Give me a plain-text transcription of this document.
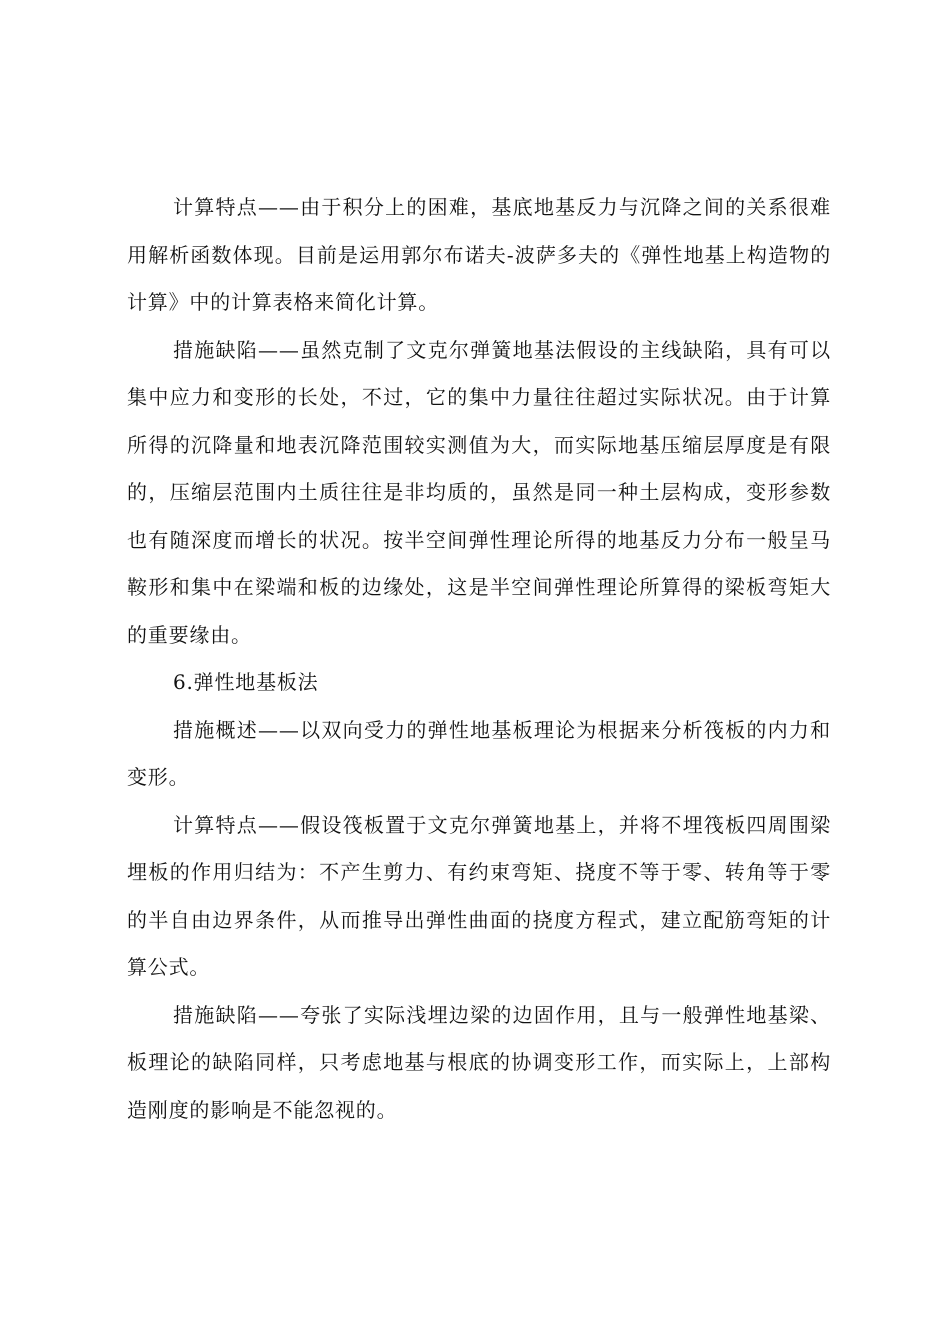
计算特点——由于积分上的困难，基底地基反力与沉降之间的关系很难用解析函数体现。目前是运用郭尔布诺夫-波萨多夫的《弹性地基上构造物的计算》中的计算表格来简化计算。

措施缺陷——虽然克制了文克尔弹簧地基法假设的主线缺陷，具有可以集中应力和变形的长处，不过，它的集中力量往往超过实际状况。由于计算所得的沉降量和地表沉降范围较实测值为大，而实际地基压缩层厚度是有限的，压缩层范围内土质往往是非均质的，虽然是同一种土层构成，变形参数也有随深度而增长的状况。按半空间弹性理论所得的地基反力分布一般呈马鞍形和集中在梁端和板的边缘处，这是半空间弹性理论所算得的梁板弯矩大的重要缘由。

6.弹性地基板法

措施概述——以双向受力的弹性地基板理论为根据来分析筏板的内力和变形。

计算特点——假设筏板置于文克尔弹簧地基上，并将不埋筏板四周围梁埋板的作用归结为：不产生剪力、有约束弯矩、挠度不等于零、转角等于零的半自由边界条件，从而推导出弹性曲面的挠度方程式，建立配筋弯矩的计算公式。

措施缺陷——夸张了实际浅埋边梁的边固作用，且与一般弹性地基梁、板理论的缺陷同样，只考虑地基与根底的协调变形工作，而实际上，上部构造刚度的影响是不能忽视的。
